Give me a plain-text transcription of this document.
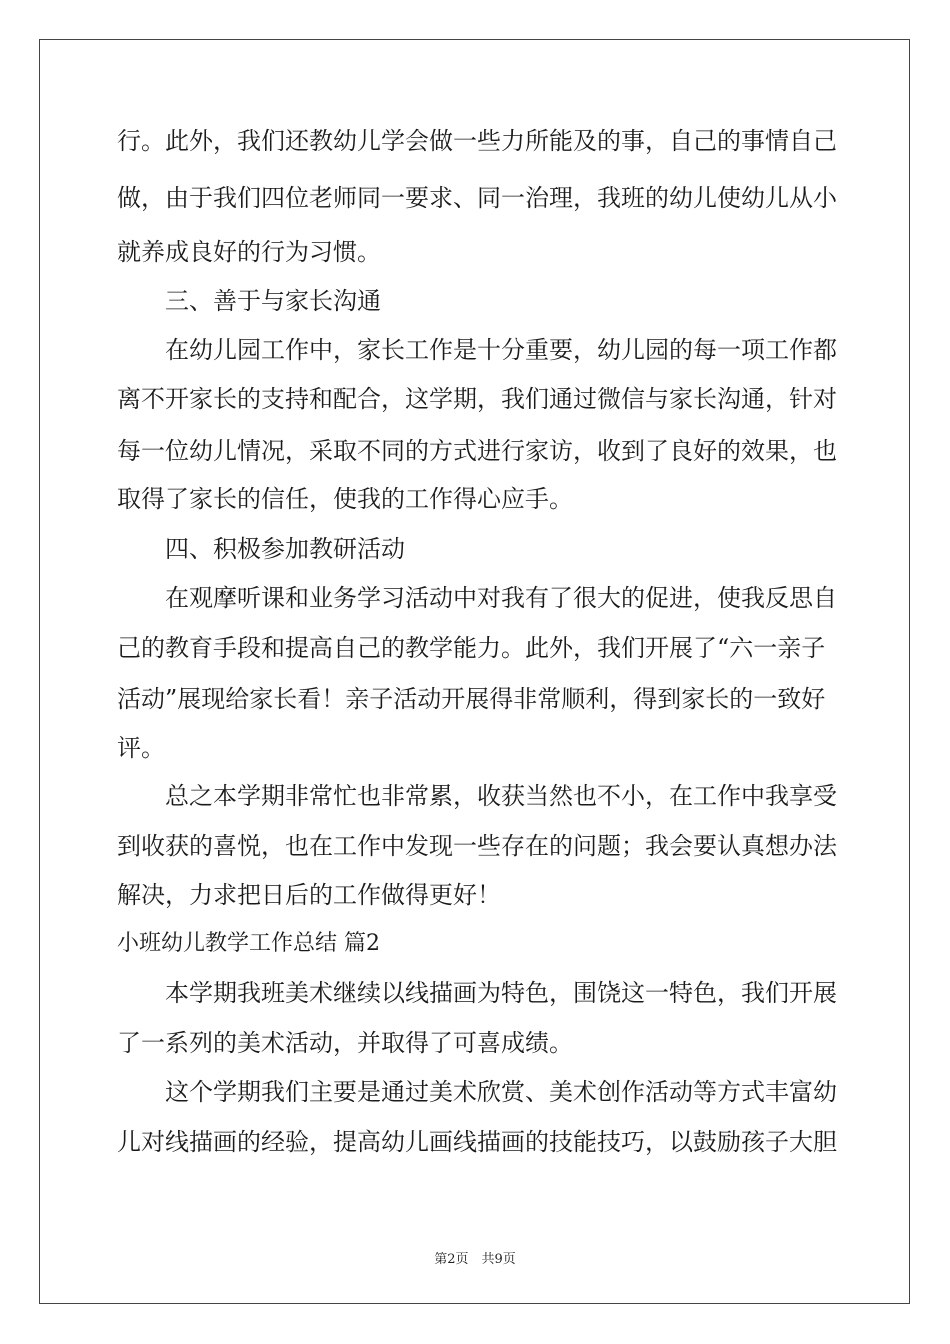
行。此外，我们还教幼儿学会做一些力所能及的事，自己的事情自己
做，由于我们四位老师同一要求、同一治理，我班的幼儿使幼儿从小
就养成良好的行为习惯。
三、善于与家长沟通
在幼儿园工作中，家长工作是十分重要，幼儿园的每一项工作都
离不开家长的支持和配合，这学期，我们通过微信与家长沟通，针对
每一位幼儿情况，采取不同的方式进行家访，收到了良好的效果，也
取得了家长的信任，使我的工作得心应手。
四、积极参加教研活动
在观摩听课和业务学习活动中对我有了很大的促进，使我反思自
己的教育手段和提高自己的教学能力。此外，我们开展了“六一亲子
活动”展现给家长看！亲子活动开展得非常顺利，得到家长的一致好
评。
总之本学期非常忙也非常累，收获当然也不小，在工作中我享受
到收获的喜悦，也在工作中发现一些存在的问题；我会要认真想办法
解决，力求把日后的工作做得更好！
小班幼儿教学工作总结 篇2
本学期我班美术继续以线描画为特色，围饶这一特色，我们开展
了一系列的美术活动，并取得了可喜成绩。
这个学期我们主要是通过美术欣赏、美术创作活动等方式丰富幼
儿对线描画的经验，提高幼儿画线描画的技能技巧，以鼓励孩子大胆
第2页　共9页
